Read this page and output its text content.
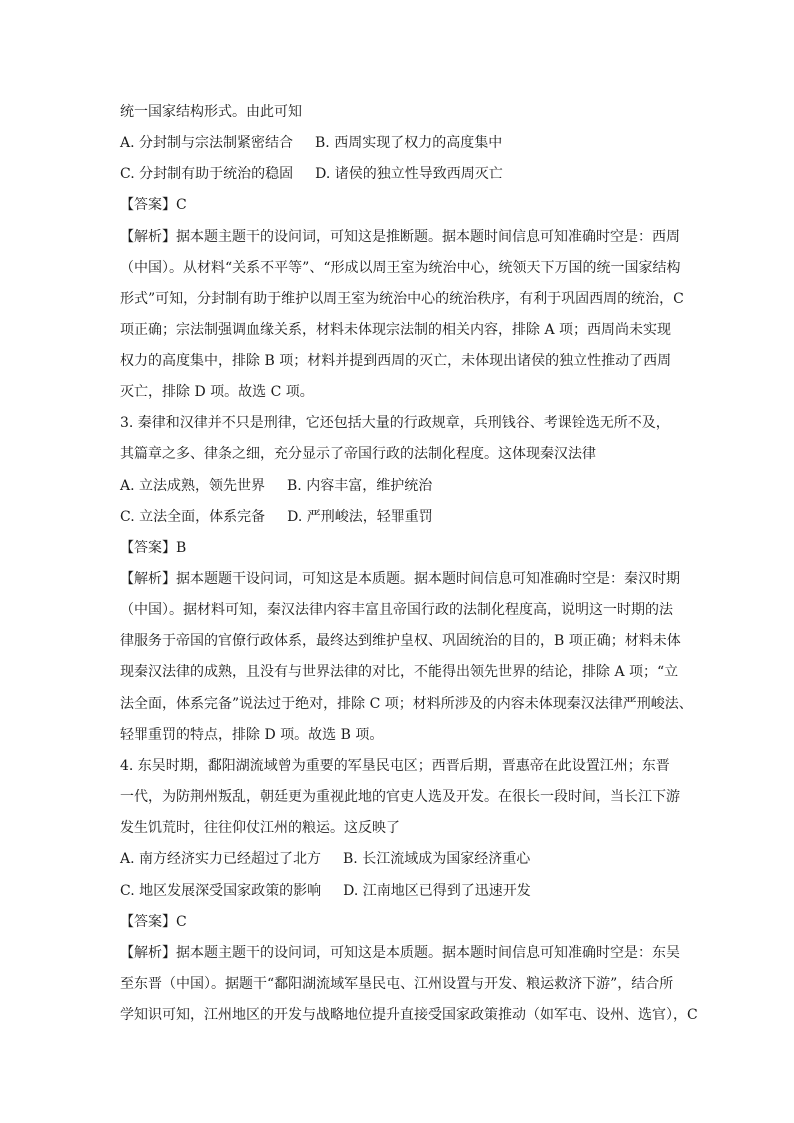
统一国家结构形式。由此可知
A. 分封制与宗法制紧密结合 B. 西周实现了权力的高度集中
C. 分封制有助于统治的稳固 D. 诸侯的独立性导致西周灭亡
【答案】C
【解析】据本题主题干的设问词，可知这是推断题。据本题时间信息可知准确时空是：西周
（中国）。从材料“关系不平等”、“形成以周王室为统治中心，统领天下万国的统一国家结构
形式”可知，分封制有助于维护以周王室为统治中心的统治秩序，有利于巩固西周的统治，C
项正确；宗法制强调血缘关系，材料未体现宗法制的相关内容，排除 A 项；西周尚未实现
权力的高度集中，排除 B 项；材料并提到西周的灭亡，未体现出诸侯的独立性推动了西周
灭亡，排除 D 项。故选 C 项。
3. 秦律和汉律并不只是刑律，它还包括大量的行政规章，兵刑钱谷、考课铨选无所不及，
其篇章之多、律条之细，充分显示了帝国行政的法制化程度。这体现秦汉法律
A. 立法成熟，领先世界 B. 内容丰富，维护统治
C. 立法全面，体系完备 D. 严刑峻法，轻罪重罚
【答案】B
【解析】据本题题干设问词，可知这是本质题。据本题时间信息可知准确时空是：秦汉时期
（中国）。据材料可知，秦汉法律内容丰富且帝国行政的法制化程度高，说明这一时期的法
律服务于帝国的官僚行政体系，最终达到维护皇权、巩固统治的目的，B 项正确；材料未体
现秦汉法律的成熟，且没有与世界法律的对比，不能得出领先世界的结论，排除 A 项；“立
法全面，体系完备”说法过于绝对，排除 C 项；材料所涉及的内容未体现秦汉法律严刑峻法、
轻罪重罚的特点，排除 D 项。故选 B 项。
4. 东吴时期，鄱阳湖流域曾为重要的军垦民屯区；西晋后期，晋惠帝在此设置江州；东晋
一代，为防荆州叛乱，朝廷更为重视此地的官吏人选及开发。在很长一段时间，当长江下游
发生饥荒时，往往仰仗江州的粮运。这反映了
A. 南方经济实力已经超过了北方 B. 长江流域成为国家经济重心
C. 地区发展深受国家政策的影响 D. 江南地区已得到了迅速开发
【答案】C
【解析】据本题主题干的设问词，可知这是本质题。据本题时间信息可知准确时空是：东吴
至东晋（中国）。据题干“鄱阳湖流域军垦民屯、江州设置与开发、粮运救济下游”，结合所
学知识可知，江州地区的开发与战略地位提升直接受国家政策推动（如军屯、设州、选官），C
